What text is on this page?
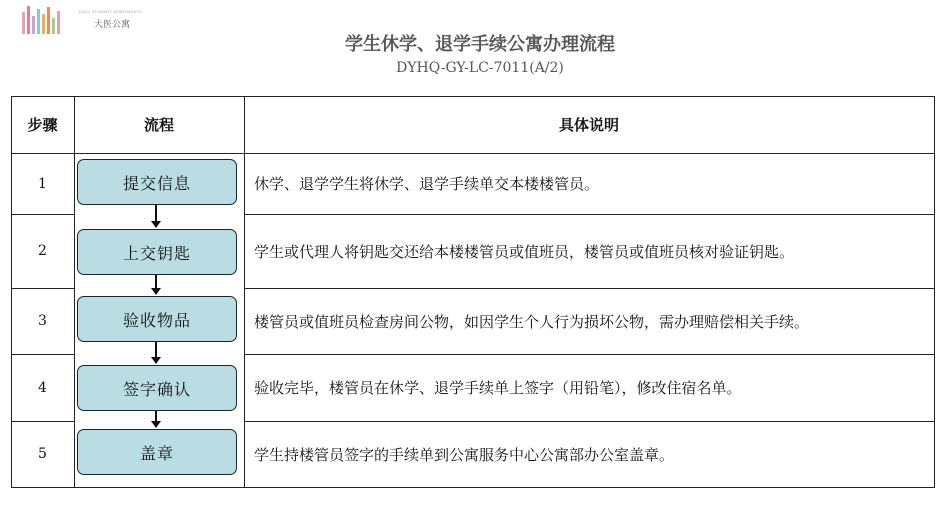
DALU STUDENT APARTMENTS
大医公寓
学生休学、退学手续公寓办理流程
DYHQ-GY-LC-7011(A/2)
步骤	流程	具体说明
1
2
3
4
5
提交信息
上交钥匙
验收物品
签字确认
盖章
休学、退学学生将休学、退学手续单交本楼楼管员。
学生或代理人将钥匙交还给本楼楼管员或值班员，楼管员或值班员核对验证钥匙。
楼管员或值班员检查房间公物，如因学生个人行为损坏公物，需办理赔偿相关手续。
验收完毕，楼管员在休学、退学手续单上签字（用铅笔），修改住宿名单。
学生持楼管员签字的手续单到公寓服务中心公寓部办公室盖章。
